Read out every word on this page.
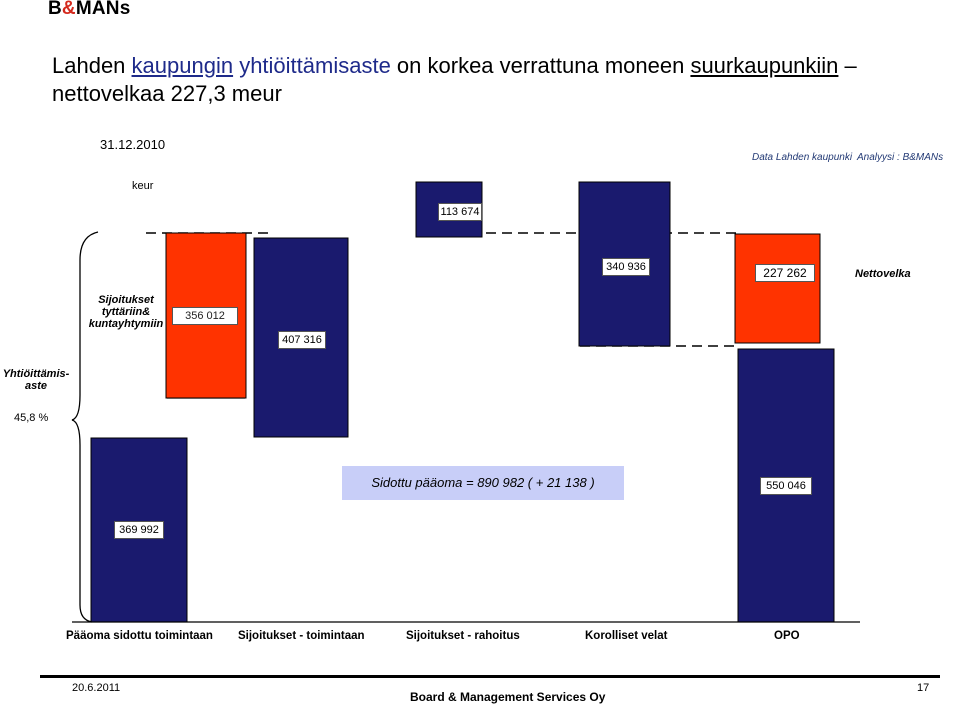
B&MANs
Lahden kaupungin yhtiöittämisaste on korkea verrattuna moneen suurkaupunkiin –
nettovelkaa 227,3 meur
31.12.2010
Data Lahden kaupunki Analyysi : B&MANs
keur
Sijoitukset
tyttäriin&
kuntayhtymiin
Yhtiöittämis-
aste
45,8 %
Nettovelka
369 992
356 012
407 316
113 674
340 936	227 262
550 046
Sidottu pääoma = 890 982 ( + 21 138 )
Pääoma sidottu toimintaan Sijoitukset - toimintaan	Sijoitukset - rahoitus	Korolliset velat	OPO
20.6.2011
Board & Management Services Oy
17
